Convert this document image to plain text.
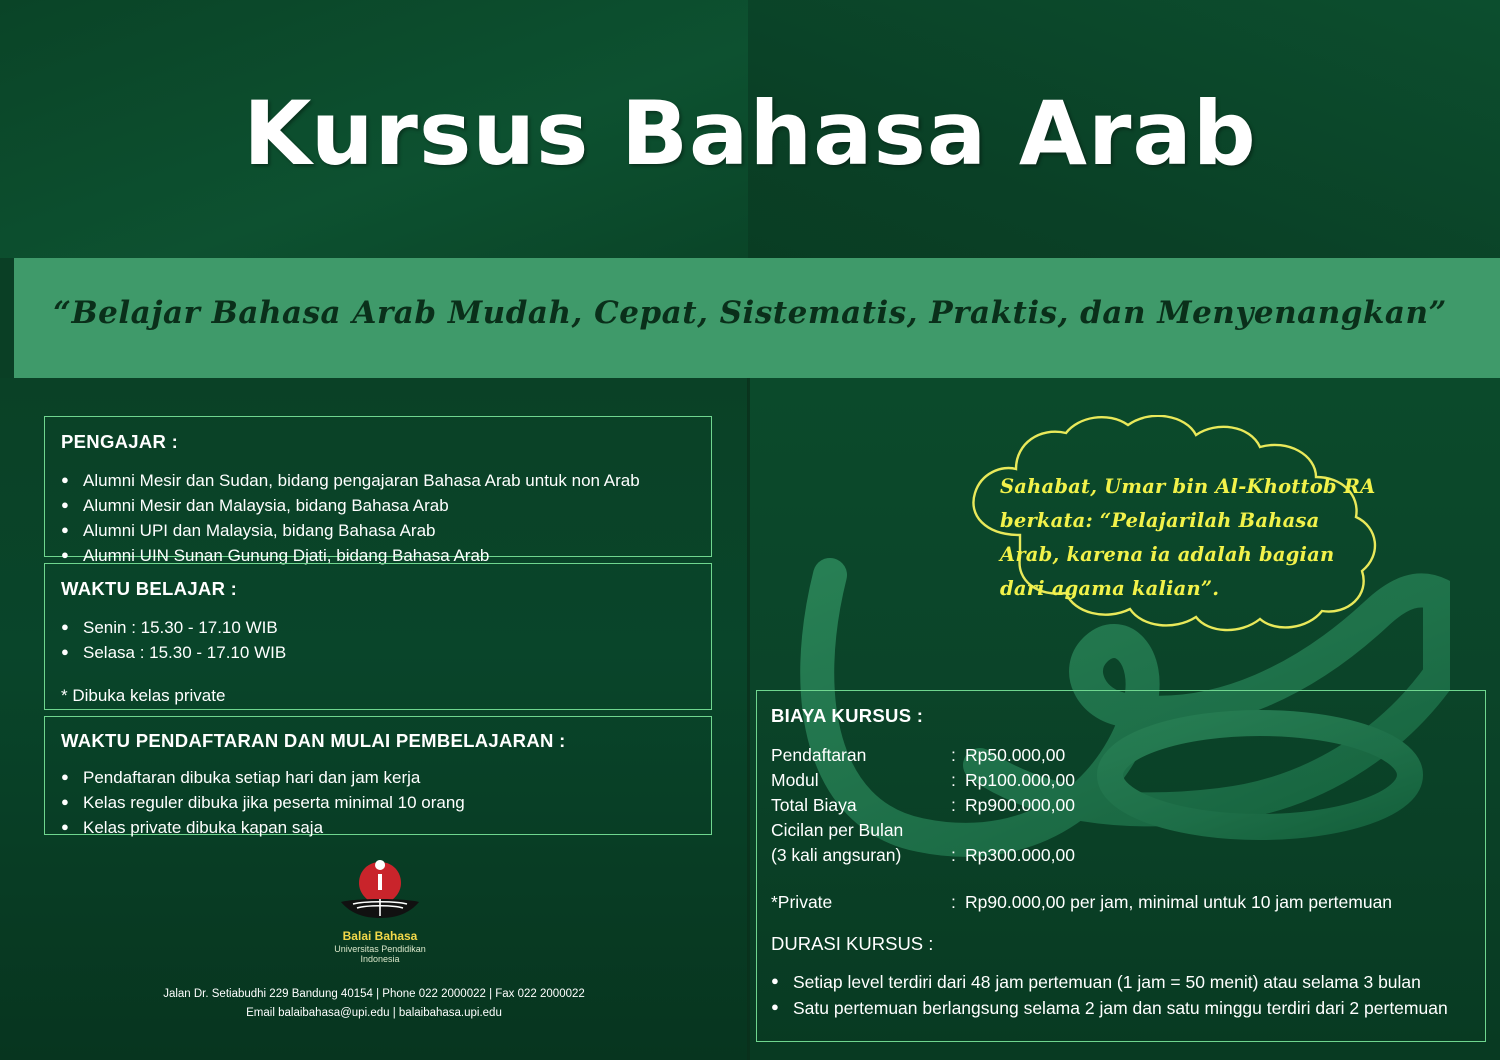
Kursus Bahasa Arab
“Belajar Bahasa Arab Mudah, Cepat, Sistematis, Praktis, dan Menyenangkan”
PENGAJAR :
● Alumni Mesir dan Sudan, bidang pengajaran Bahasa Arab untuk non Arab
● Alumni Mesir dan Malaysia, bidang Bahasa Arab
● Alumni UPI dan Malaysia, bidang Bahasa Arab
● Alumni UIN Sunan Gunung Djati, bidang Bahasa Arab
WAKTU BELAJAR :
● Senin : 15.30 - 17.10 WIB
● Selasa : 15.30 - 17.10 WIB
* Dibuka kelas private
WAKTU PENDAFTARAN DAN MULAI PEMBELAJARAN :
● Pendaftaran dibuka setiap hari dan jam kerja
● Kelas reguler dibuka jika peserta minimal 10 orang
● Kelas private dibuka kapan saja
Sahabat, Umar bin Al-Khottob RA berkata: “Pelajarilah Bahasa Arab, karena ia adalah bagian dari agama kalian”.
BIAYA KURSUS :
Pendaftaran	: Rp50.000,00
Modul	: Rp100.000,00
Total Biaya	: Rp900.000,00
Cicilan per Bulan
(3 kali angsuran)	: Rp300.000,00
*Private	: Rp90.000,00 per jam, minimal untuk 10 jam pertemuan
DURASI KURSUS :
● Setiap level terdiri dari 48 jam pertemuan (1 jam = 50 menit) atau selama 3 bulan
● Satu pertemuan berlangsung selama 2 jam dan satu minggu terdiri dari 2 pertemuan
Balai Bahasa
Universitas Pendidikan Indonesia
Jalan Dr. Setiabudhi 229 Bandung 40154 | Phone 022 2000022 | Fax 022 2000022
Email balaibahasa@upi.edu | balaibahasa.upi.edu
